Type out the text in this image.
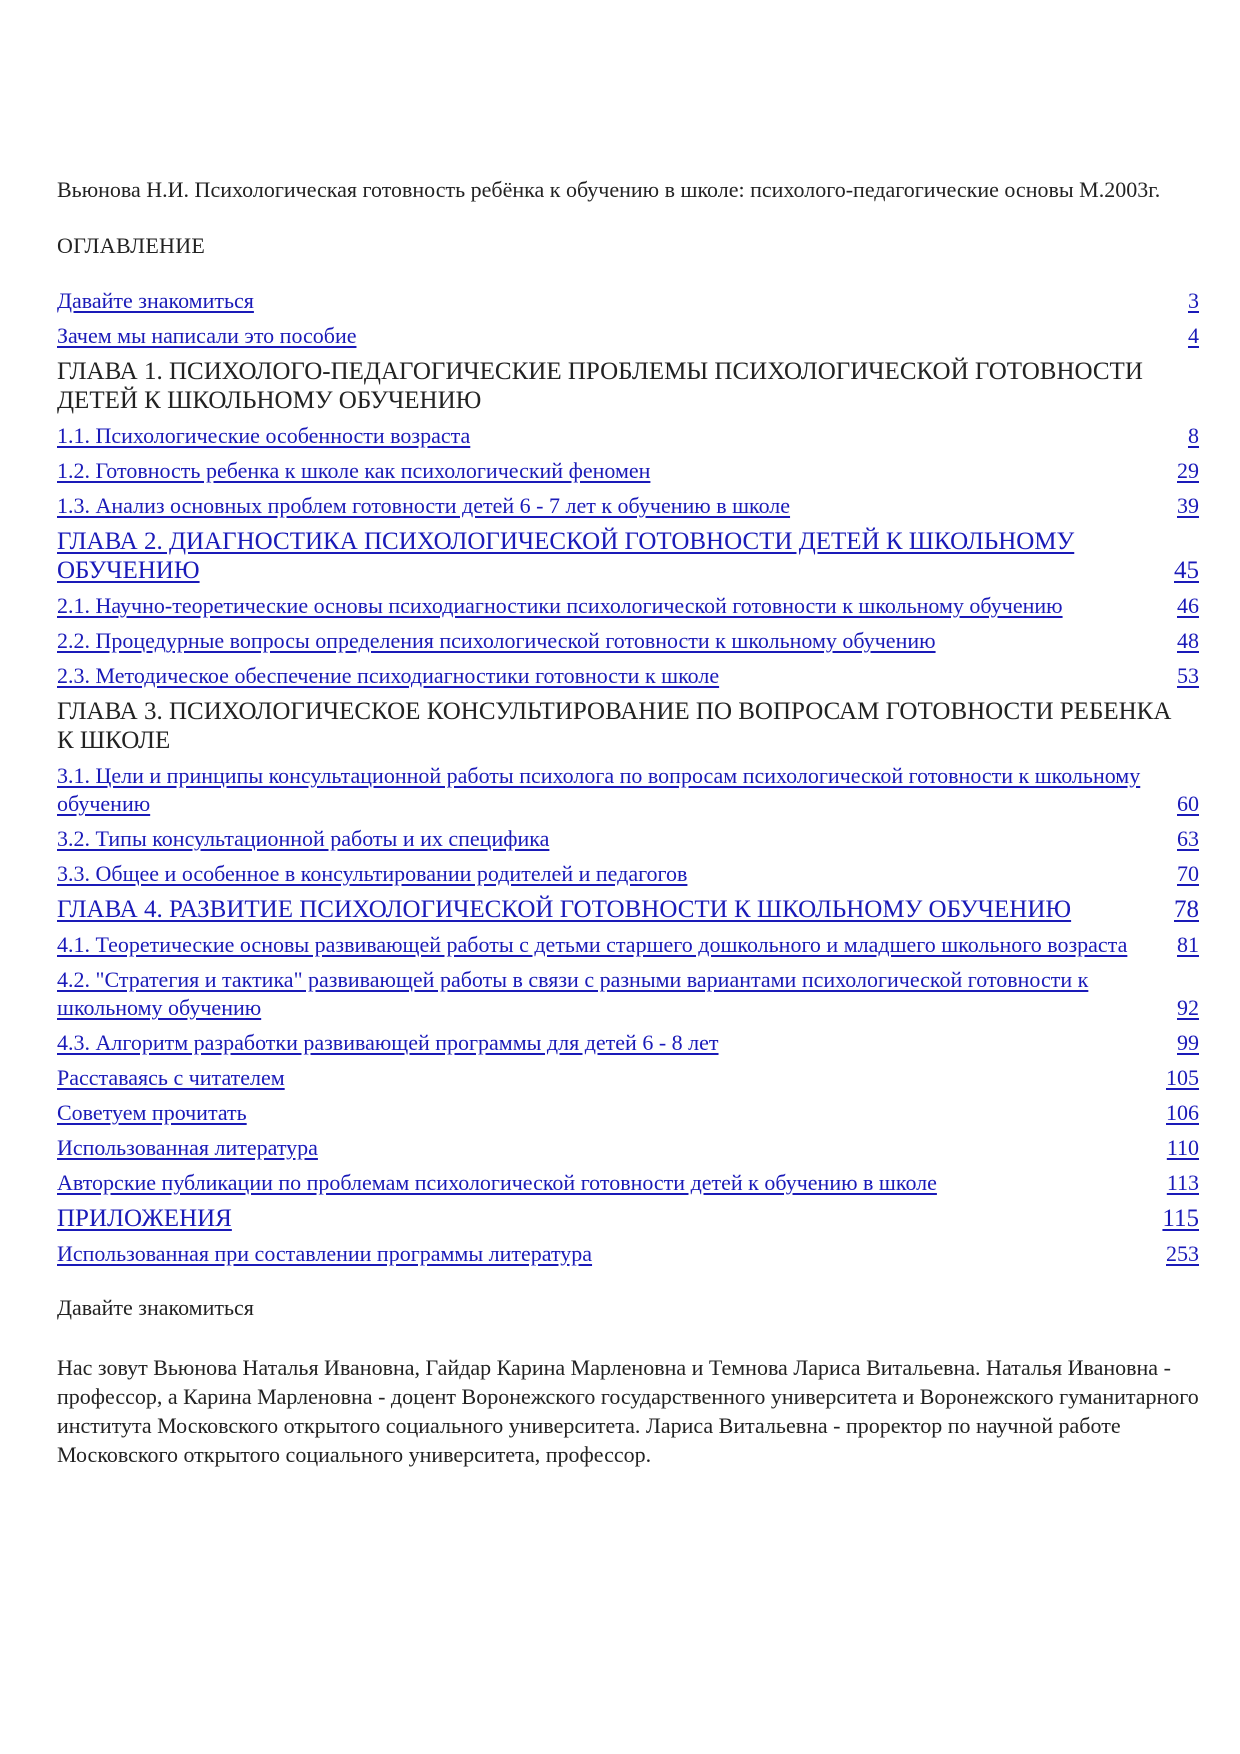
Вьюнова Н.И. Психологическая готовность ребёнка к обучению в школе: психолого-педагогические основы М.2003г.

ОГЛАВЛЕНИЕ
Давайте знакомиться	3
Зачем мы написали это пособие	4
ГЛАВА 1. ПСИХОЛОГО-ПЕДАГОГИЧЕСКИЕ ПРОБЛЕМЫ ПСИХОЛОГИЧЕСКОЙ ГОТОВНОСТИ ДЕТЕЙ К ШКОЛЬНОМУ ОБУЧЕНИЮ
1.1. Психологические особенности возраста	8
1.2. Готовность ребенка к школе как психологический феномен	29
1.3. Анализ основных проблем готовности детей 6 - 7 лет к обучению в школе	39
ГЛАВА 2. ДИАГНОСТИКА ПСИХОЛОГИЧЕСКОЙ ГОТОВНОСТИ ДЕТЕЙ К ШКОЛЬНОМУ ОБУЧЕНИЮ	45
2.1. Научно-теоретические основы психодиагностики психологической готовности к школьному обучению	46
2.2. Процедурные вопросы определения психологической готовности к школьному обучению	48
2.3. Методическое обеспечение психодиагностики готовности к школе	53
ГЛАВА 3. ПСИХОЛОГИЧЕСКОЕ КОНСУЛЬТИРОВАНИЕ ПО ВОПРОСАМ ГОТОВНОСТИ РЕБЕНКА К ШКОЛЕ
3.1. Цели и принципы консультационной работы психолога по вопросам психологической готовности к школьному обучению	60
3.2. Типы консультационной работы и их специфика	63
3.3. Общее и особенное в консультировании родителей и педагогов	70
ГЛАВА 4. РАЗВИТИЕ ПСИХОЛОГИЧЕСКОЙ ГОТОВНОСТИ К ШКОЛЬНОМУ ОБУЧЕНИЮ	78
4.1. Теоретические основы развивающей работы с детьми старшего дошкольного и младшего школьного возраста	81
4.2. "Стратегия и тактика" развивающей работы в связи с разными вариантами психологической готовности к школьному обучению	92
4.3. Алгоритм разработки развивающей программы для детей 6 - 8 лет	99
Расставаясь с читателем	105
Советуем прочитать	106
Использованная литература	110
Авторские публикации по проблемам психологической готовности детей к обучению в школе	113
ПРИЛОЖЕНИЯ	115
Использованная при составлении программы литература	253
Давайте знакомиться

Нас зовут Вьюнова Наталья Ивановна, Гайдар Карина Марленовна и Темнова Лариса Витальевна. Наталья Ивановна - профессор, а Карина Марленовна - доцент Воронежского государственного университета и Воронежского гуманитарного института Московского открытого социального университета. Лариса Витальевна - проректор по научной работе Московского открытого социального университета, профессор.
